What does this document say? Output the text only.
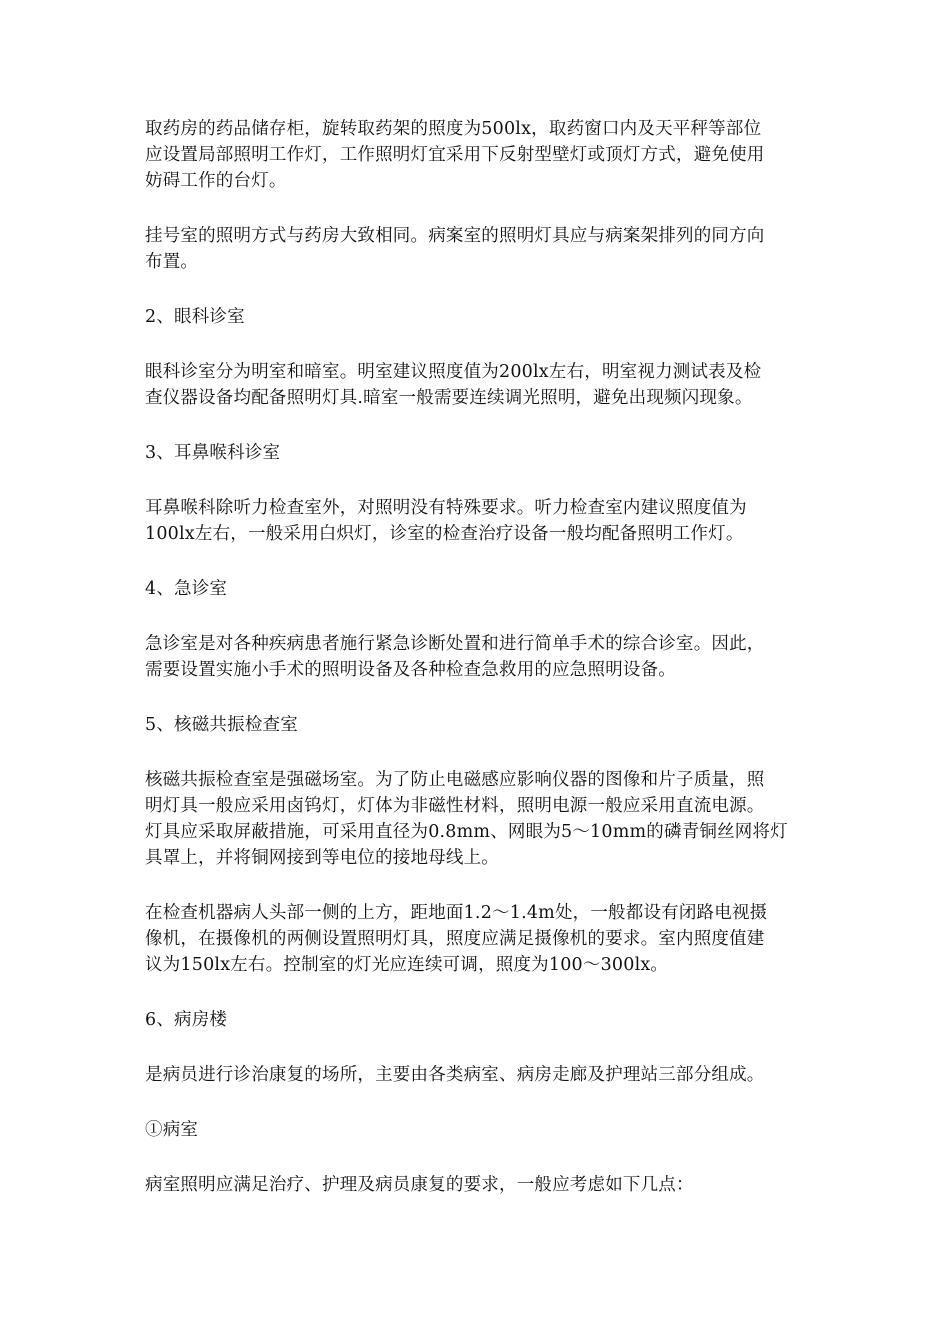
取药房的药品储存柜，旋转取药架的照度为500lx，取药窗口内及天平秤等部位
应设置局部照明工作灯，工作照明灯宜采用下反射型壁灯或顶灯方式，避免使用
妨碍工作的台灯。

挂号室的照明方式与药房大致相同。病案室的照明灯具应与病案架排列的同方向
布置。

2、眼科诊室

眼科诊室分为明室和暗室。明室建议照度值为200lx左右，明室视力测试表及检
查仪器设备均配备照明灯具.暗室一般需要连续调光照明，避免出现频闪现象。

3、耳鼻喉科诊室

耳鼻喉科除听力检查室外，对照明没有特殊要求。听力检查室内建议照度值为
100lx左右，一般采用白炽灯，诊室的检查治疗设备一般均配备照明工作灯。

4、急诊室

急诊室是对各种疾病患者施行紧急诊断处置和进行简单手术的综合诊室。因此，
需要设置实施小手术的照明设备及各种检查急救用的应急照明设备。

5、核磁共振检查室

核磁共振检查室是强磁场室。为了防止电磁感应影响仪器的图像和片子质量，照
明灯具一般应采用卤钨灯，灯体为非磁性材料，照明电源一般应采用直流电源。
灯具应采取屏蔽措施，可采用直径为0.8mm、网眼为5～10mm的磷青铜丝网将灯
具罩上，并将铜网接到等电位的接地母线上。

在检查机器病人头部一侧的上方，距地面1.2～1.4m处，一般都设有闭路电视摄
像机，在摄像机的两侧设置照明灯具，照度应满足摄像机的要求。室内照度值建
议为150lx左右。控制室的灯光应连续可调，照度为100～300lx。

6、病房楼

是病员进行诊治康复的场所，主要由各类病室、病房走廊及护理站三部分组成。

①病室

病室照明应满足治疗、护理及病员康复的要求，一般应考虑如下几点：
